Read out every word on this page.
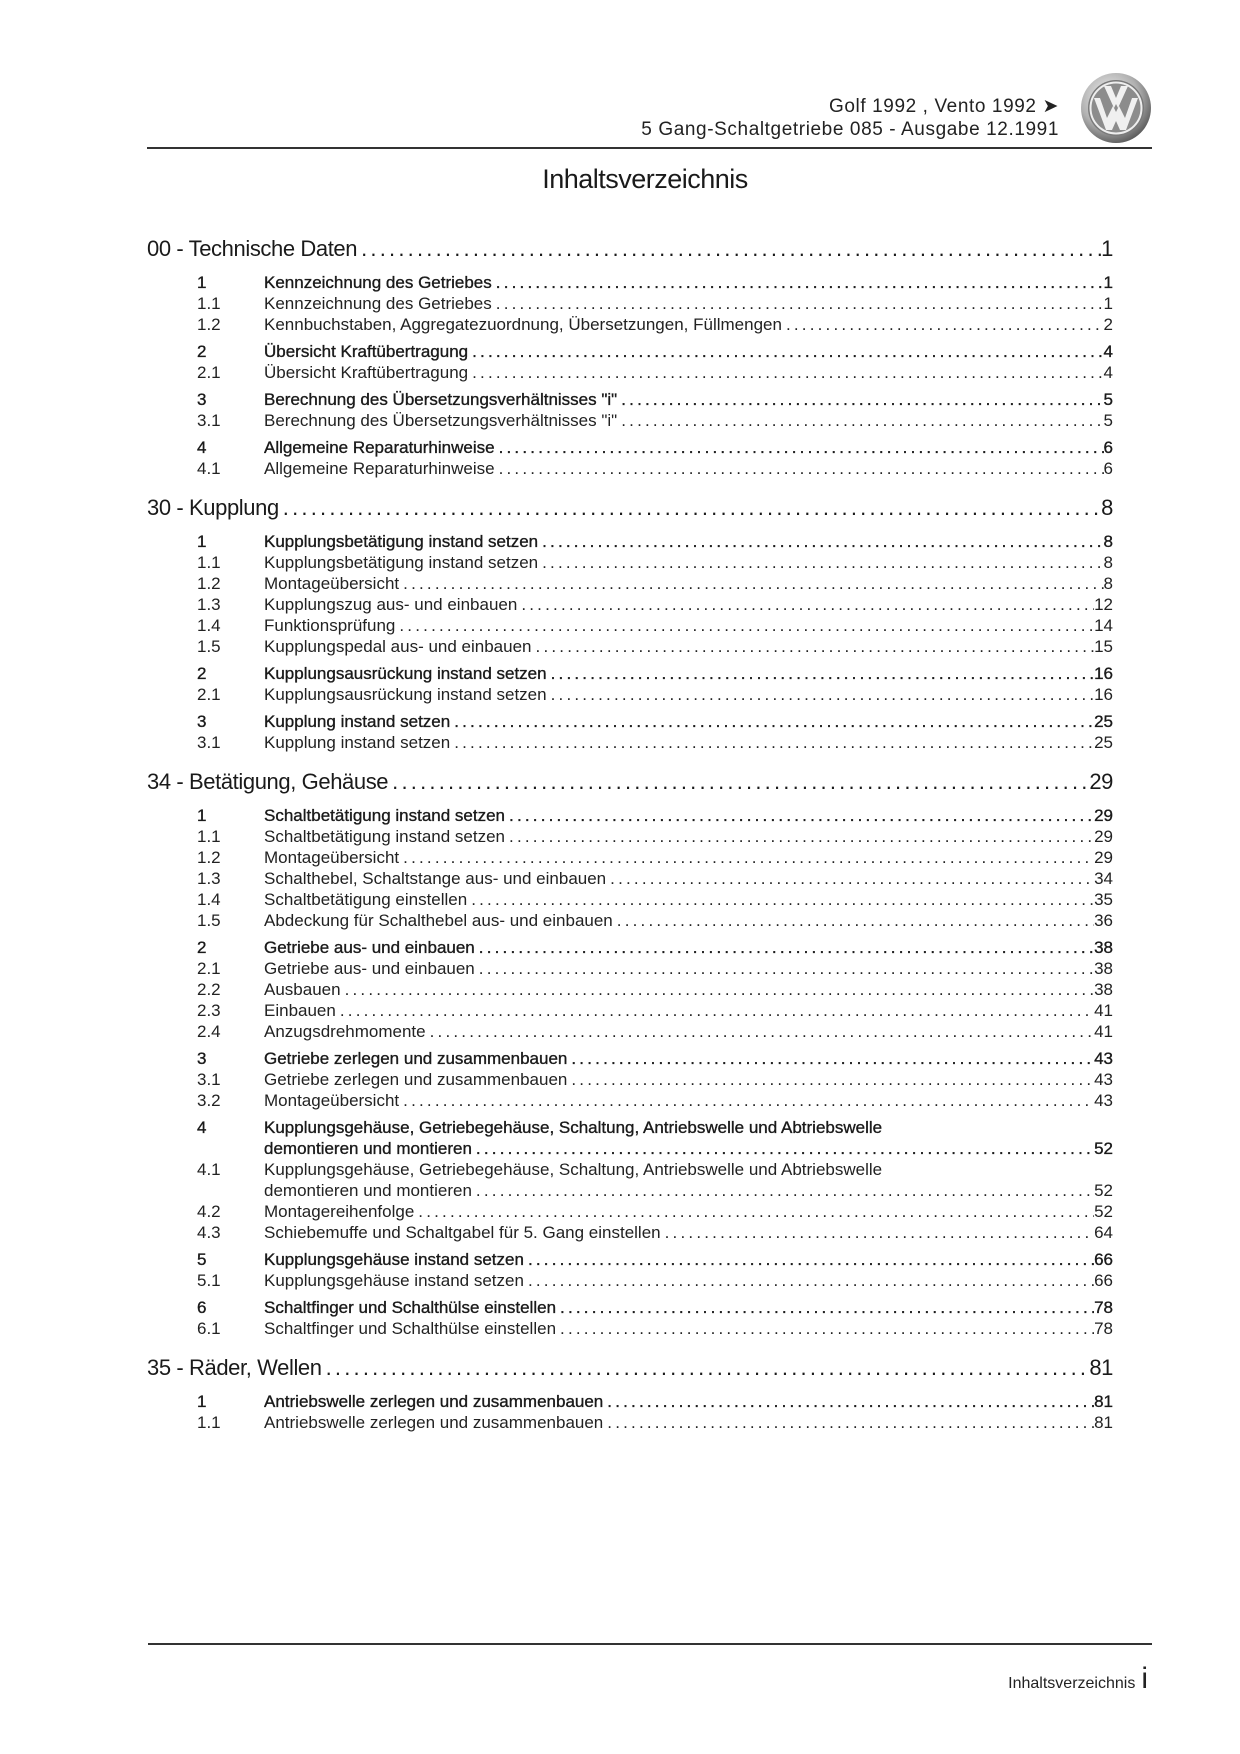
Golf 1992 , Vento 1992 ➤
5 Gang-Schaltgetriebe 085 - Ausgabe 12.1991
Inhaltsverzeichnis
00 - Technische Daten .....	1
1	Kennzeichnung des Getriebes .....	1
1.1	Kennzeichnung des Getriebes .....	1
1.2	Kennbuchstaben, Aggregatezuordnung, Übersetzungen, Füllmengen .....	2
2	Übersicht Kraftübertragung .....	4
2.1	Übersicht Kraftübertragung .....	4
3	Berechnung des Übersetzungsverhältnisses "i" .....	5
3.1	Berechnung des Übersetzungsverhältnisses "i" .....	5
4	Allgemeine Reparaturhinweise .....	6
4.1	Allgemeine Reparaturhinweise .....	6
30 - Kupplung .....	8
1	Kupplungsbetätigung instand setzen .....	8
1.1	Kupplungsbetätigung instand setzen .....	8
1.2	Montageübersicht .....	8
1.3	Kupplungszug aus- und einbauen .....	12
1.4	Funktionsprüfung .....	14
1.5	Kupplungspedal aus- und einbauen .....	15
2	Kupplungsausrückung instand setzen .....	16
2.1	Kupplungsausrückung instand setzen .....	16
3	Kupplung instand setzen .....	25
3.1	Kupplung instand setzen .....	25
34 - Betätigung, Gehäuse .....	29
1	Schaltbetätigung instand setzen .....	29
1.1	Schaltbetätigung instand setzen .....	29
1.2	Montageübersicht .....	29
1.3	Schalthebel, Schaltstange aus- und einbauen .....	34
1.4	Schaltbetätigung einstellen .....	35
1.5	Abdeckung für Schalthebel aus- und einbauen .....	36
2	Getriebe aus- und einbauen .....	38
2.1	Getriebe aus- und einbauen .....	38
2.2	Ausbauen .....	38
2.3	Einbauen .....	41
2.4	Anzugsdrehmomente .....	41
3	Getriebe zerlegen und zusammenbauen .....	43
3.1	Getriebe zerlegen und zusammenbauen .....	43
3.2	Montageübersicht .....	43
4	Kupplungsgehäuse, Getriebegehäuse, Schaltung, Antriebswelle und Abtriebswelle
demontieren und montieren .....	52
4.1	Kupplungsgehäuse, Getriebegehäuse, Schaltung, Antriebswelle und Abtriebswelle
demontieren und montieren .....	52
4.2	Montagereihenfolge .....	52
4.3	Schiebemuffe und Schaltgabel für 5. Gang einstellen .....	64
5	Kupplungsgehäuse instand setzen .....	66
5.1	Kupplungsgehäuse instand setzen .....	66
6	Schaltfinger und Schalthülse einstellen .....	78
6.1	Schaltfinger und Schalthülse einstellen .....	78
35 - Räder, Wellen .....	81
1	Antriebswelle zerlegen und zusammenbauen .....	81
1.1	Antriebswelle zerlegen und zusammenbauen .....	81
Inhaltsverzeichnis i
